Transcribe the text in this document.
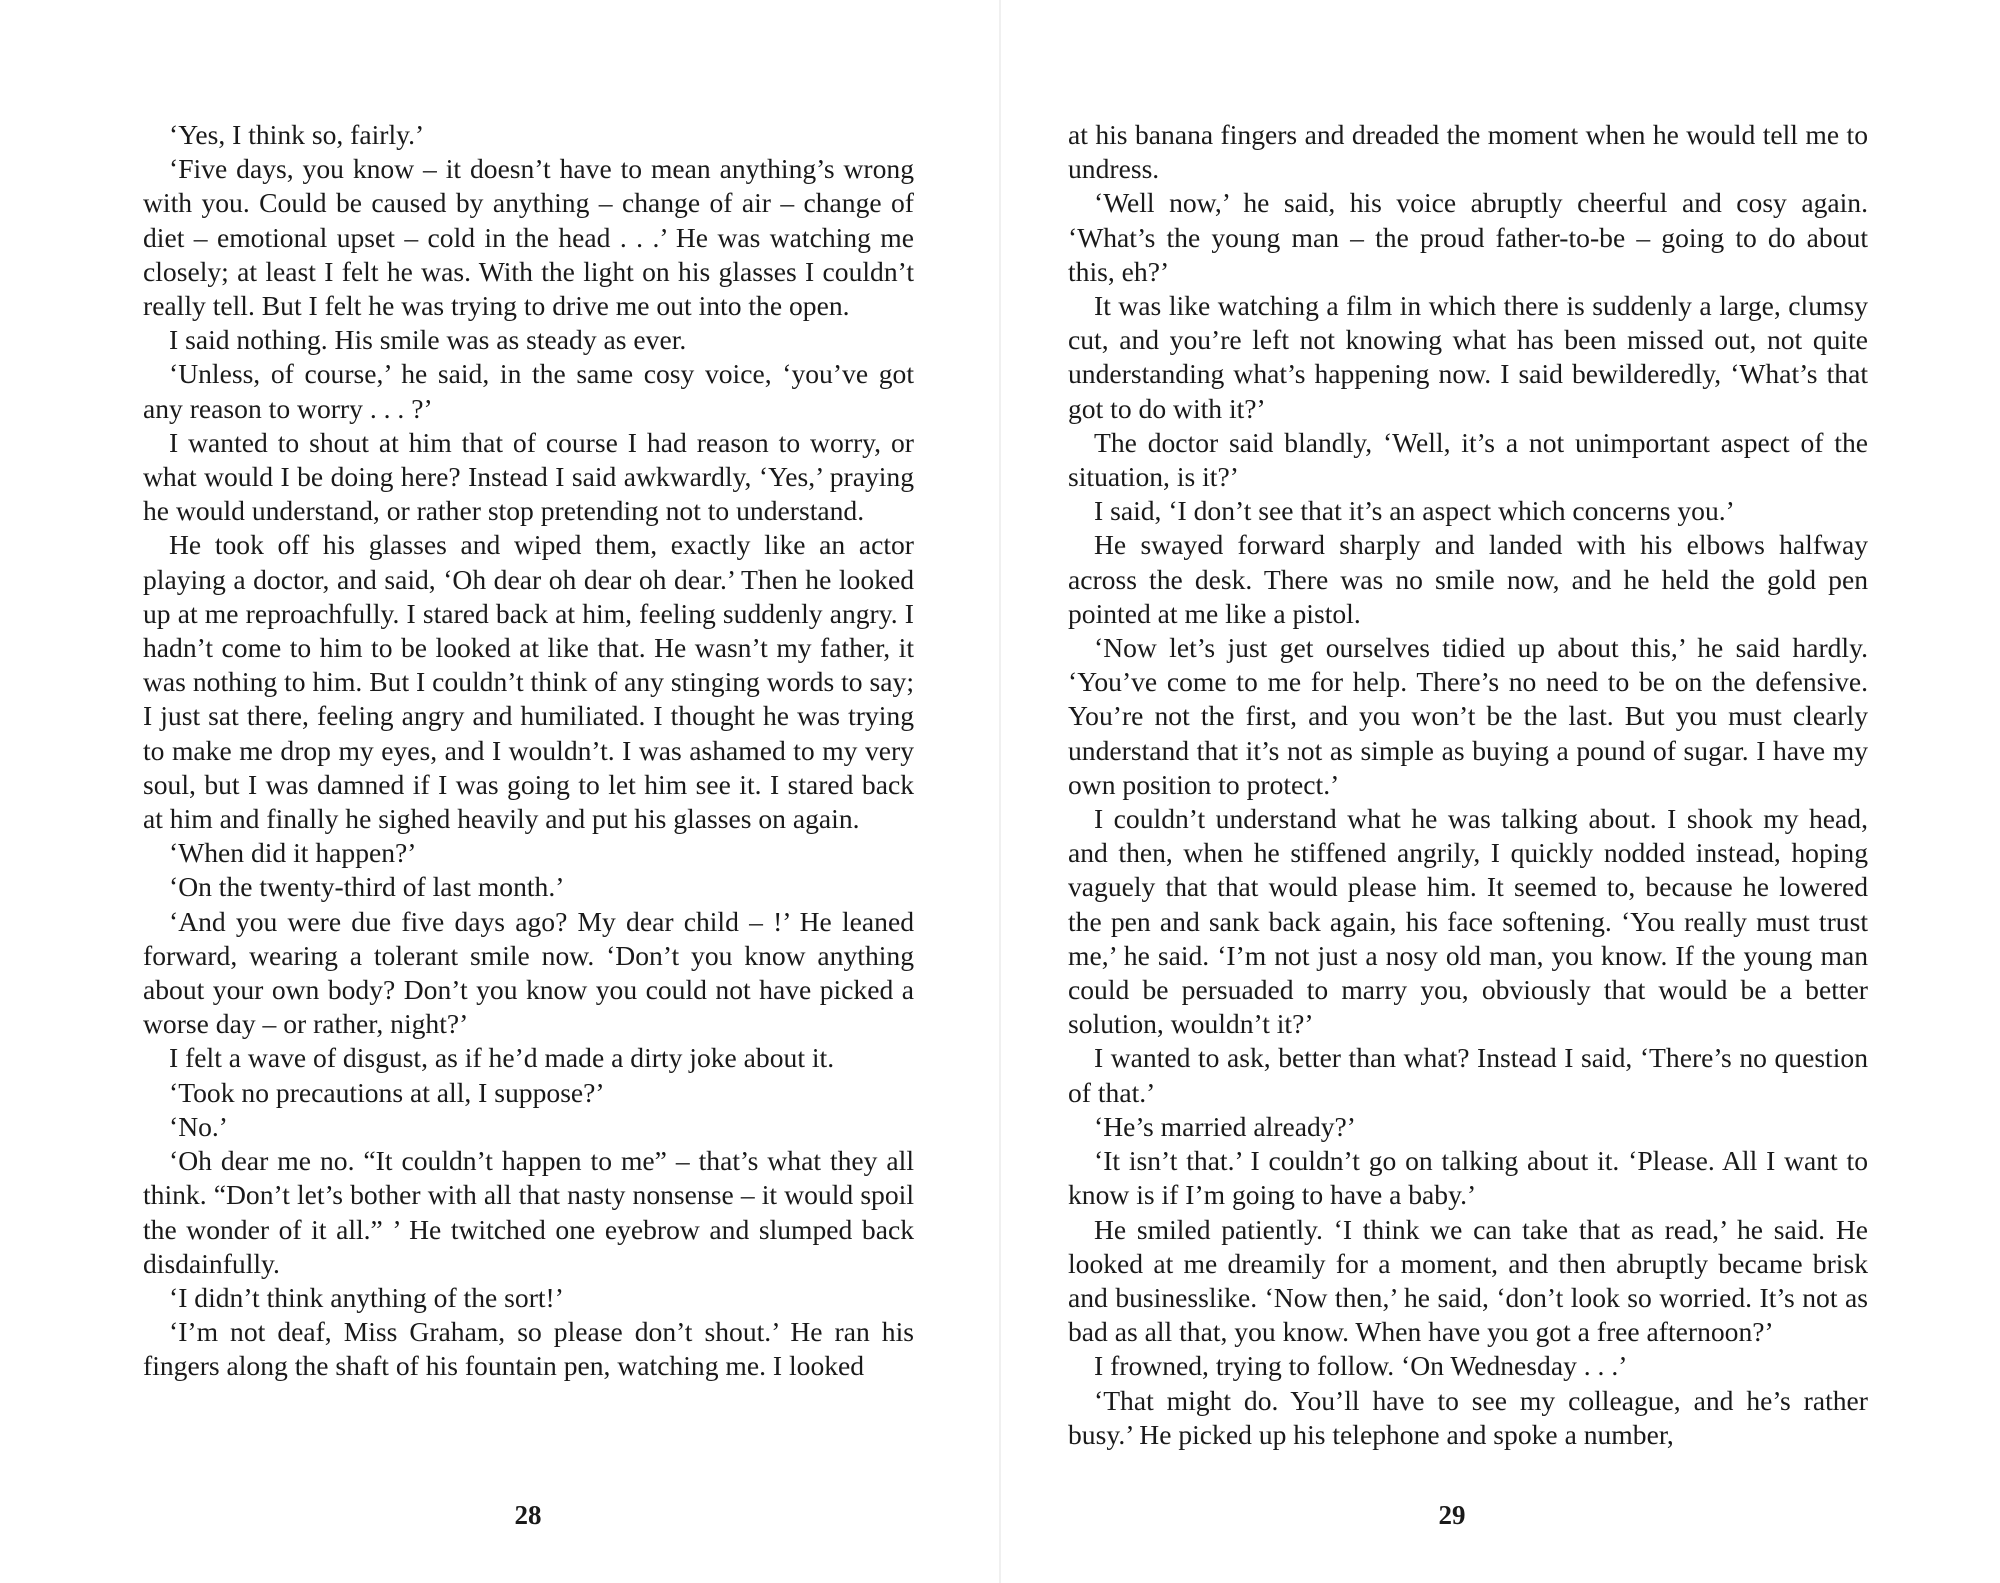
‘Yes, I think so, fairly.’

‘Five days, you know – it doesn’t have to mean anything’s wrong with you. Could be caused by anything – change of air – change of diet – emotional upset – cold in the head . . .’ He was watching me closely; at least I felt he was. With the light on his glasses I couldn’t really tell. But I felt he was trying to drive me out into the open.

I said nothing. His smile was as steady as ever.

‘Unless, of course,’ he said, in the same cosy voice, ‘you’ve got any reason to worry . . . ?’

I wanted to shout at him that of course I had reason to worry, or what would I be doing here? Instead I said awkwardly, ‘Yes,’ praying he would understand, or rather stop pretending not to understand.

He took off his glasses and wiped them, exactly like an actor playing a doctor, and said, ‘Oh dear oh dear oh dear.’ Then he looked up at me reproachfully. I stared back at him, feeling suddenly angry. I hadn’t come to him to be looked at like that. He wasn’t my father, it was nothing to him. But I couldn’t think of any stinging words to say; I just sat there, feeling angry and humiliated. I thought he was trying to make me drop my eyes, and I wouldn’t. I was ashamed to my very soul, but I was damned if I was going to let him see it. I stared back at him and finally he sighed heavily and put his glasses on again.

‘When did it happen?’

‘On the twenty-third of last month.’

‘And you were due five days ago? My dear child – !’ He leaned forward, wearing a tolerant smile now. ‘Don’t you know anything about your own body? Don’t you know you could not have picked a worse day – or rather, night?’

I felt a wave of disgust, as if he’d made a dirty joke about it.

‘Took no precautions at all, I suppose?’

‘No.’

‘Oh dear me no. “It couldn’t happen to me” – that’s what they all think. “Don’t let’s bother with all that nasty nonsense – it would spoil the wonder of it all.” ’ He twitched one eyebrow and slumped back disdainfully.

‘I didn’t think anything of the sort!’

‘I’m not deaf, Miss Graham, so please don’t shout.’ He ran his fingers along the shaft of his fountain pen, watching me. I looked

28

at his banana fingers and dreaded the moment when he would tell me to undress.

‘Well now,’ he said, his voice abruptly cheerful and cosy again. ‘What’s the young man – the proud father-to-be – going to do about this, eh?’

It was like watching a film in which there is suddenly a large, clumsy cut, and you’re left not knowing what has been missed out, not quite understanding what’s happening now. I said bewilderedly, ‘What’s that got to do with it?’

The doctor said blandly, ‘Well, it’s a not unimportant aspect of the situation, is it?’

I said, ‘I don’t see that it’s an aspect which concerns you.’

He swayed forward sharply and landed with his elbows halfway across the desk. There was no smile now, and he held the gold pen pointed at me like a pistol.

‘Now let’s just get ourselves tidied up about this,’ he said hardly. ‘You’ve come to me for help. There’s no need to be on the defensive. You’re not the first, and you won’t be the last. But you must clearly understand that it’s not as simple as buying a pound of sugar. I have my own position to protect.’

I couldn’t understand what he was talking about. I shook my head, and then, when he stiffened angrily, I quickly nodded instead, hoping vaguely that that would please him. It seemed to, because he lowered the pen and sank back again, his face softening. ‘You really must trust me,’ he said. ‘I’m not just a nosy old man, you know. If the young man could be persuaded to marry you, obviously that would be a better solution, wouldn’t it?’

I wanted to ask, better than what? Instead I said, ‘There’s no question of that.’

‘He’s married already?’

‘It isn’t that.’ I couldn’t go on talking about it. ‘Please. All I want to know is if I’m going to have a baby.’

He smiled patiently. ‘I think we can take that as read,’ he said. He looked at me dreamily for a moment, and then abruptly became brisk and businesslike. ‘Now then,’ he said, ‘don’t look so worried. It’s not as bad as all that, you know. When have you got a free afternoon?’

I frowned, trying to follow. ‘On Wednesday . . .’

‘That might do. You’ll have to see my colleague, and he’s rather busy.’ He picked up his telephone and spoke a number,

29
